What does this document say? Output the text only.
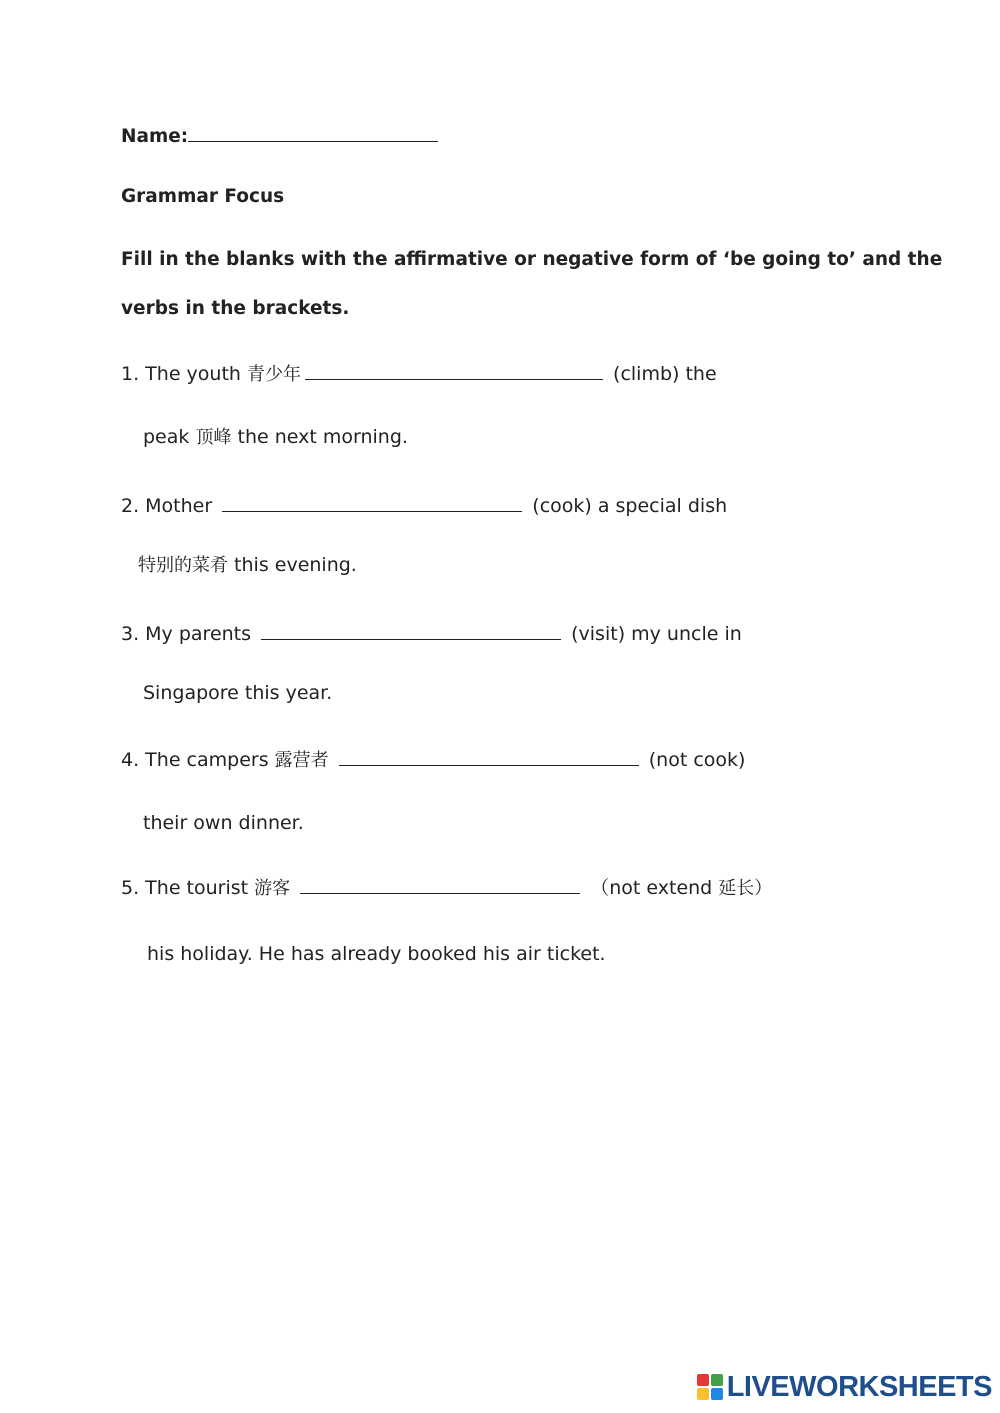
Name:
Grammar Focus
Fill in the blanks with the affirmative or negative form of ‘be going to’ and the
verbs in the brackets.
1. The youth 青少年	(climb) the
peak 顶峰 the next morning.
2. Mother	(cook) a special dish
特别的菜肴 this evening.
3. My parents	(visit) my uncle in
Singapore this year.
4. The campers 露营者	(not cook)
their own dinner.
5. The tourist 游客	（not extend 延长）
his holiday. He has already booked his air ticket.
LIVEWORKSHEETS
